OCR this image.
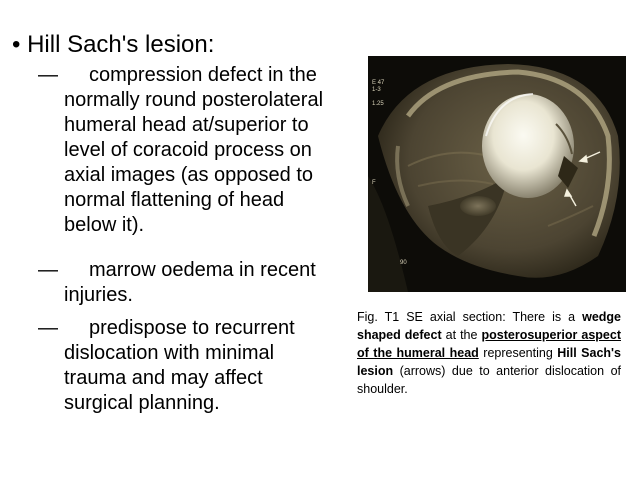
• Hill Sach's lesion:
— compression defect in the
normally round posterolateral
humeral head at/superior to
level of coracoid process on
axial images (as opposed to
normal flattening of head
below it).
— marrow oedema in recent
injuries.
— predispose to recurrent
dislocation with minimal
trauma and may affect
surgical planning.
E 47
1-3

1.25
F
90
Fig. T1 SE axial section: There is a wedge shaped defect at the posterosuperior aspect of the humeral head representing Hill Sach's lesion (arrows) due to anterior dislocation of shoulder.
